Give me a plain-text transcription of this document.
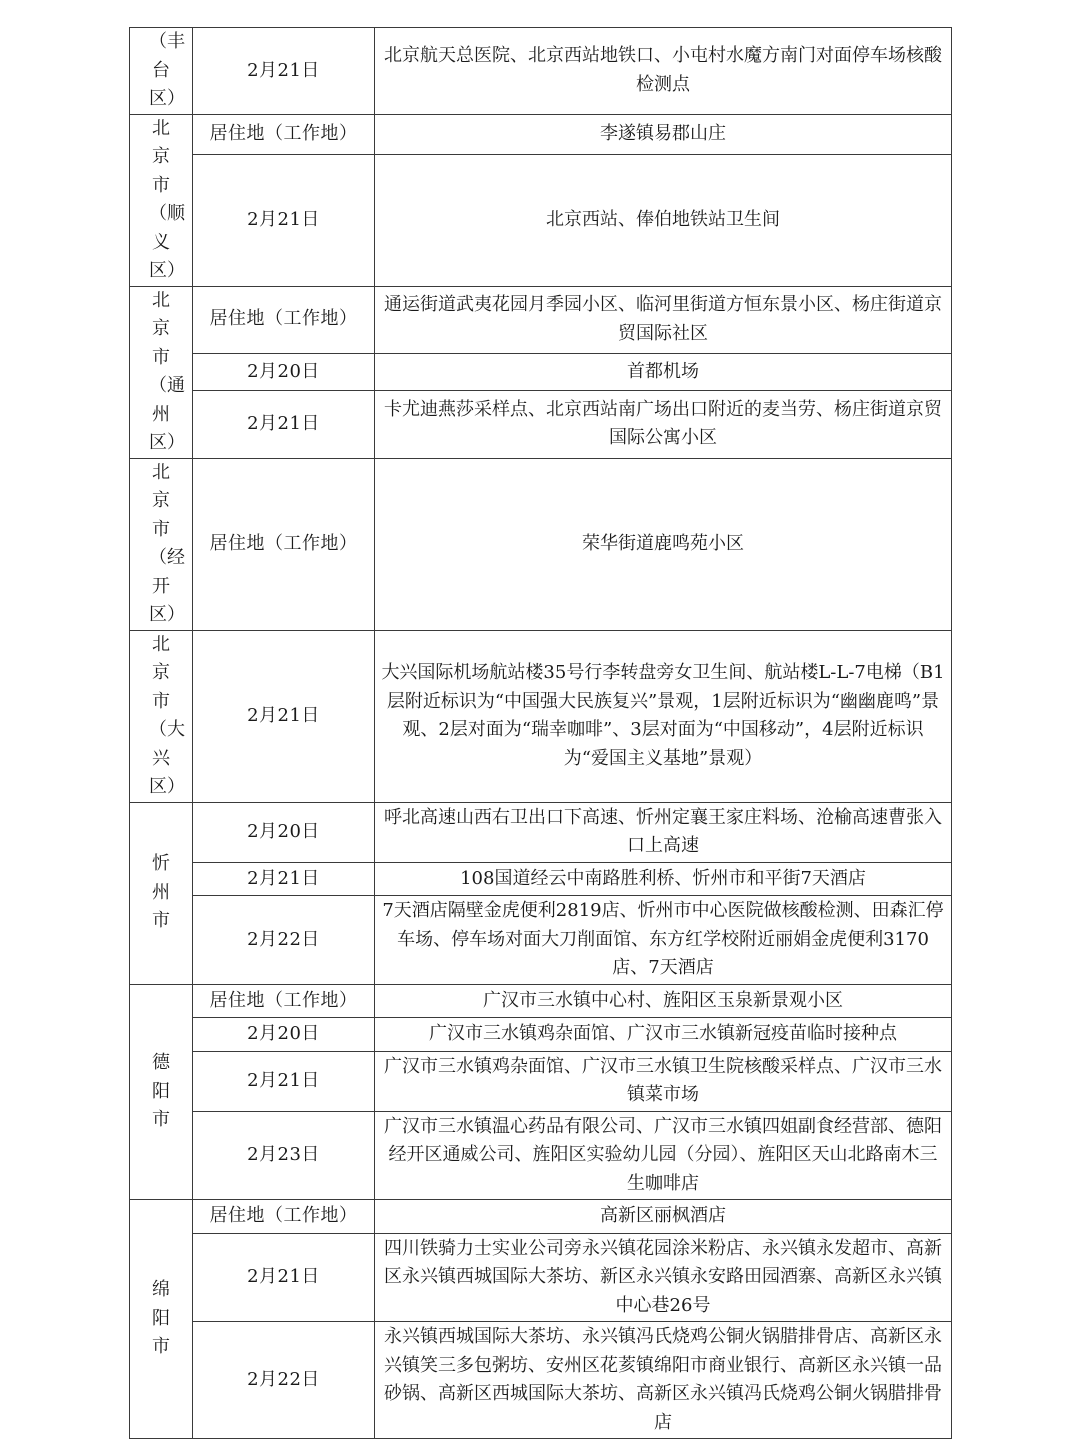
（丰台区）	2月21日	北京航天总医院、北京西站地铁口、小屯村水魔方南门对面停车场核酸检测点
北京市（顺义区）	居住地（工作地）	李遂镇易郡山庄
	2月21日	北京西站、俸伯地铁站卫生间
北京市（通州区）	居住地（工作地）	通运街道武夷花园月季园小区、临河里街道方恒东景小区、杨庄街道京贸国际社区
	2月20日	首都机场
	2月21日	卡尤迪燕莎采样点、北京西站南广场出口附近的麦当劳、杨庄街道京贸国际公寓小区
北京市（经开区）	居住地（工作地）	荣华街道鹿鸣苑小区
北京市（大兴区）	2月21日	大兴国际机场航站楼35号行李转盘旁女卫生间、航站楼L-L-7电梯（B1层附近标识为“中国强大民族复兴”景观，1层附近标识为“幽幽鹿鸣”景观、2层对面为“瑞幸咖啡”、3层对面为“中国移动”，4层附近标识为“爱国主义基地”景观）
忻州市	2月20日	呼北高速山西右卫出口下高速、忻州定襄王家庄料场、沧榆高速曹张入口上高速
	2月21日	108国道经云中南路胜利桥、忻州市和平街7天酒店
	2月22日	7天酒店隔壁金虎便利2819店、忻州市中心医院做核酸检测、田森汇停车场、停车场对面大刀削面馆、东方红学校附近丽娟金虎便利3170店、7天酒店
德阳市	居住地（工作地）	广汉市三水镇中心村、旌阳区玉泉新景观小区
	2月20日	广汉市三水镇鸡杂面馆、广汉市三水镇新冠疫苗临时接种点
	2月21日	广汉市三水镇鸡杂面馆、广汉市三水镇卫生院核酸采样点、广汉市三水镇菜市场
	2月23日	广汉市三水镇温心药品有限公司、广汉市三水镇四姐副食经营部、德阳经开区通威公司、旌阳区实验幼儿园（分园）、旌阳区天山北路南木三生咖啡店
绵阳市	居住地（工作地）	高新区丽枫酒店
	2月21日	四川铁骑力士实业公司旁永兴镇花园涂米粉店、永兴镇永发超市、高新区永兴镇西城国际大茶坊、新区永兴镇永安路田园酒寨、高新区永兴镇中心巷26号
	2月22日	永兴镇西城国际大茶坊、永兴镇冯氏烧鸡公铜火锅腊排骨店、高新区永兴镇笑三多包粥坊、安州区花荄镇绵阳市商业银行、高新区永兴镇一品砂锅、高新区西城国际大茶坊、高新区永兴镇冯氏烧鸡公铜火锅腊排骨店
